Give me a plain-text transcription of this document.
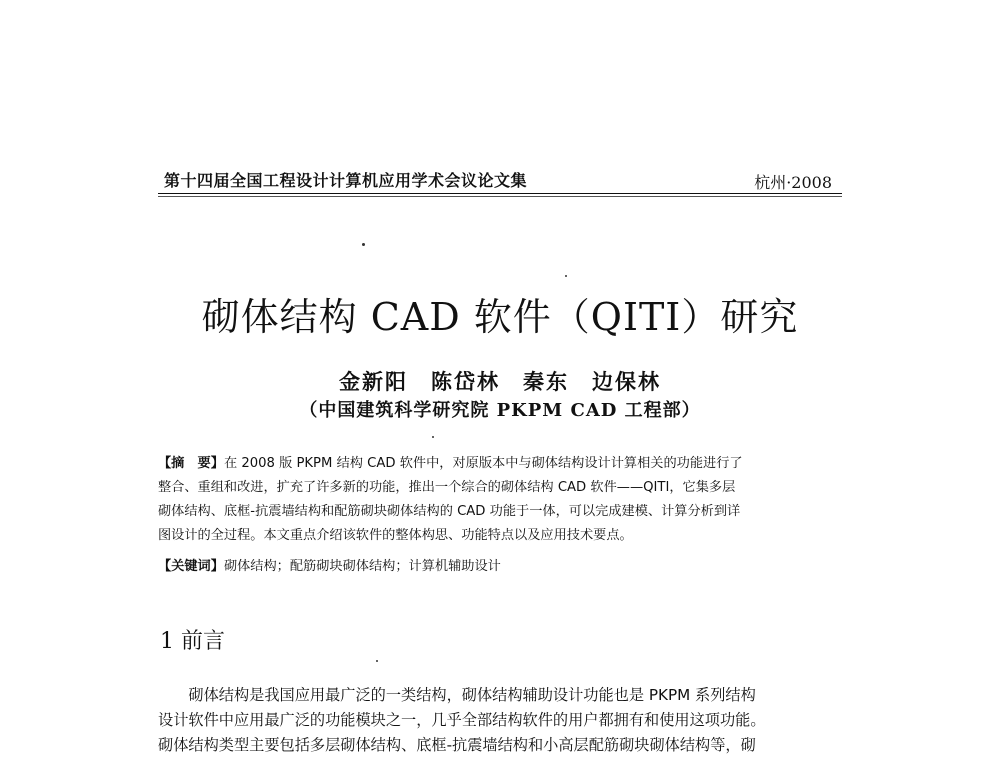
第十四届全国工程设计计算机应用学术会议论文集	杭州·2008
砌体结构 CAD 软件（QITI）研究
金新阳　陈岱林　秦东　边保林
（中国建筑科学研究院 PKPM CAD 工程部）
【摘　要】在 2008 版 PKPM 结构 CAD 软件中，对原版本中与砌体结构设计计算相关的功能进行了
整合、重组和改进，扩充了许多新的功能，推出一个综合的砌体结构 CAD 软件——QITI，它集多层
砌体结构、底框-抗震墙结构和配筋砌块砌体结构的 CAD 功能于一体，可以完成建模、计算分析到详
图设计的全过程。本文重点介绍该软件的整体构思、功能特点以及应用技术要点。
【关键词】砌体结构；配筋砌块砌体结构；计算机辅助设计
1 前言
　　砌体结构是我国应用最广泛的一类结构，砌体结构辅助设计功能也是 PKPM 系列结构
设计软件中应用最广泛的功能模块之一，几乎全部结构软件的用户都拥有和使用这项功能。
砌体结构类型主要包括多层砌体结构、底框-抗震墙结构和小高层配筋砌块砌体结构等，砌
